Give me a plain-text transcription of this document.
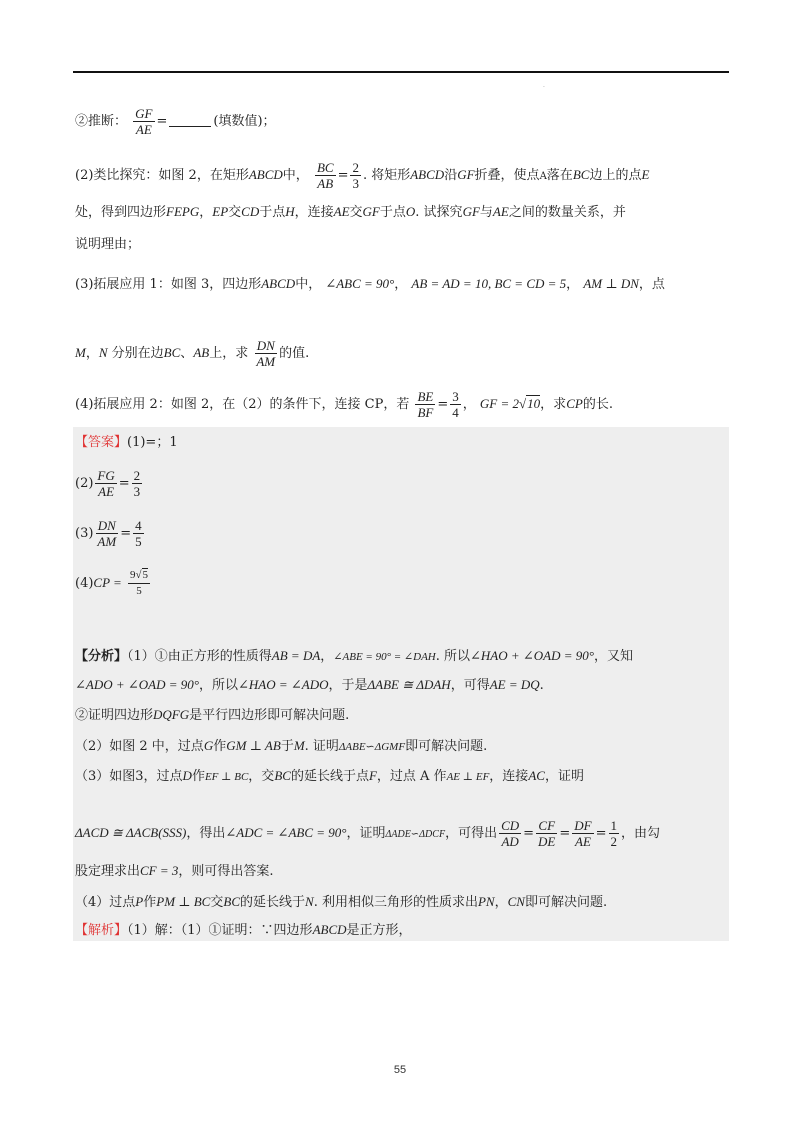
·
②推断： $\frac{GF}{AE}$ =	(填数值)；
(2)类比探究：如图 2，在矩形ABCD中， $\frac{BC}{AB} = \frac{2}{3}$ . 将矩形ABCD沿GF折叠，使点A落在BC边上的点E
处，得到四边形FEPG，EP交CD于点H，连接AE交GF于点O. 试探究GF与AE之间的数量关系，并
说明理由；
(3)拓展应用 1：如图 3，四边形ABCD中， ∠ABC = 90°， AB = AD = 10, BC = CD = 5， AM ⊥ DN，点
M，N 分别在边BC、AB上，求 $\frac{DN}{AM}$ 的值.
(4)拓展应用 2：如图 2，在（2）的条件下，连接 CP，若 $\frac{BE}{BF} = \frac{3}{4}$ ， GF = 2√10，求CP的长.
【答案】(1)=；1
$(2) \frac{FG}{AE} = \frac{2}{3}$
$(3) \frac{DN}{AM} = \frac{4}{5}$
$(4)CP = \frac{9√5}{5}$
【分析】（1）①由正方形的性质得AB = DA，∠ABE = 90° = ∠DAH. 所以∠HAO + ∠OAD = 90°，又知
∠ADO + ∠OAD = 90°，所以∠HAO = ∠ADO，于是ΔABE ≅ ΔDAH，可得AE = DQ.
②证明四边形DQFG是平行四边形即可解决问题.
（2）如图 2 中，过点G作GM ⊥ AB于M. 证明ΔABE∽ΔGMF即可解决问题.
（3）如图3，过点D作EF ⊥ BC，交BC的延长线于点F，过点 A 作AE ⊥ EF，连接AC，证明
ΔACD ≅ ΔACB(SSS)，得出∠ADC = ∠ABC = 90°，证明ΔADE∽ΔDCF，可得出 $\frac{CD}{AD} = \frac{CF}{DE} = \frac{DF}{AE} = \frac{1}{2}$ ，由勾
股定理求出CF = 3，则可得出答案.
（4）过点P作PM ⊥ BC交BC的延长线于N. 利用相似三角形的性质求出PN，CN即可解决问题.
【解析】（1）解：（1）①证明：∵四边形ABCD是正方形，
55
